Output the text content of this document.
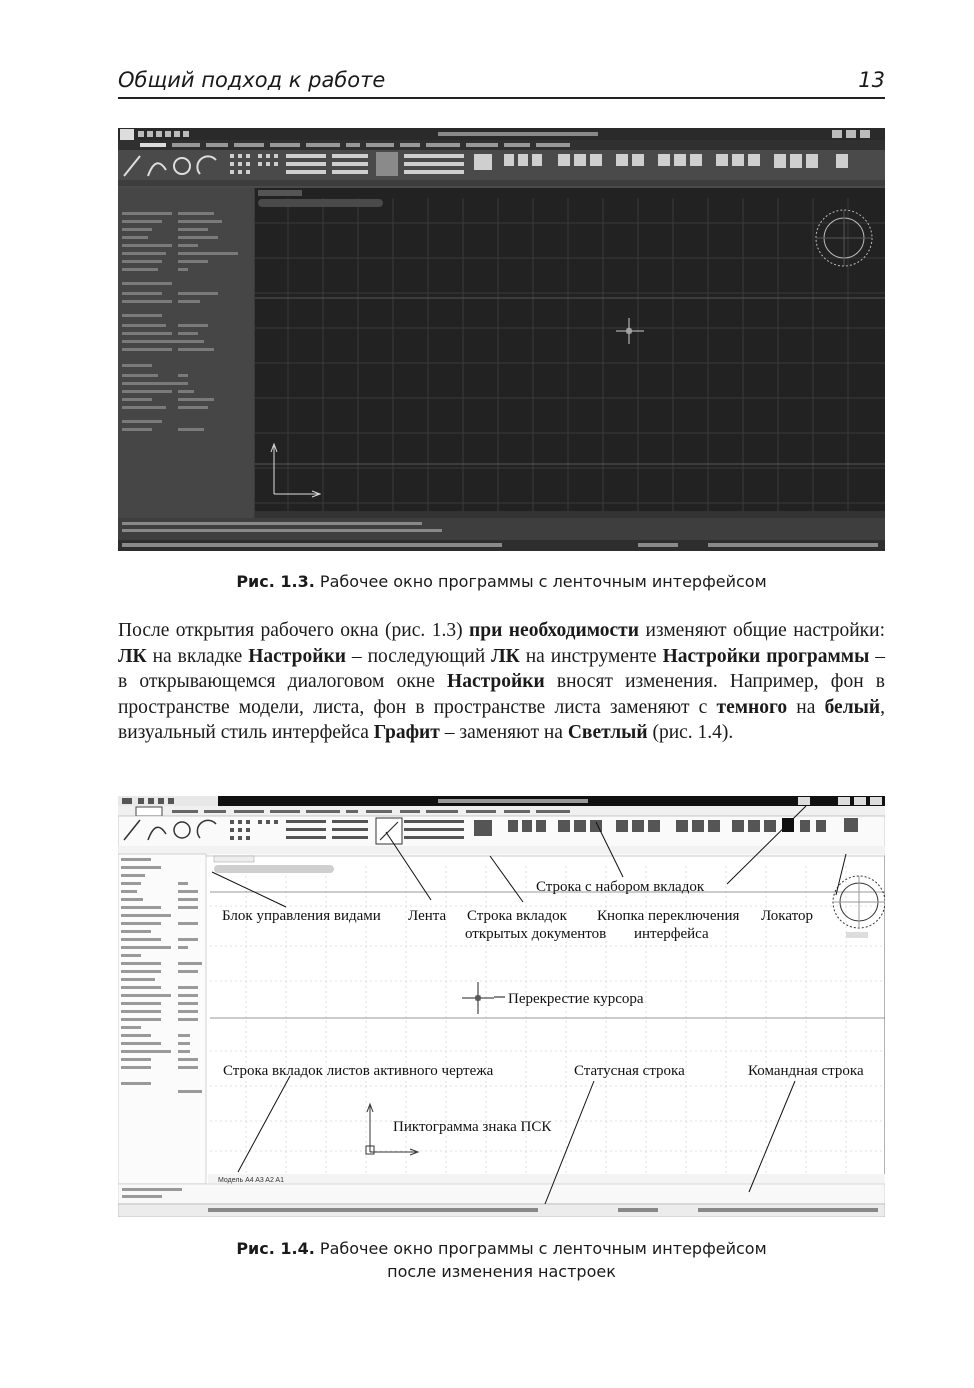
Общий подход к работе	13
Рис. 1.3. Рабочее окно программы с ленточным интерфейсом
После открытия рабочего окна (рис. 1.3) при необходимости изменяют общие настройки: ЛК на вкладке Настройки – последующий ЛК на инструменте Настройки программы – в открывающемся диалоговом окне Настройки вносят изменения. Например, фон в пространстве модели, листа, фон в пространстве листа заменяют с темного на белый, визуальный стиль интерфейса Графит – заменяют на Светлый (рис. 1.4).
Модель A4 A3 A2 A1
Строка с набором вкладок
Блок управления видами Лента Строка вкладок
открытых документов
Кнопка переключения
интерфейса
Локатор
Перекрестие курсора
Строка вкладок листов активного чертежа	Статусная строка	Командная строка
Пиктограмма знака ПСК
Рис. 1.4. Рабочее окно программы с ленточным интерфейсом
после изменения настроек
